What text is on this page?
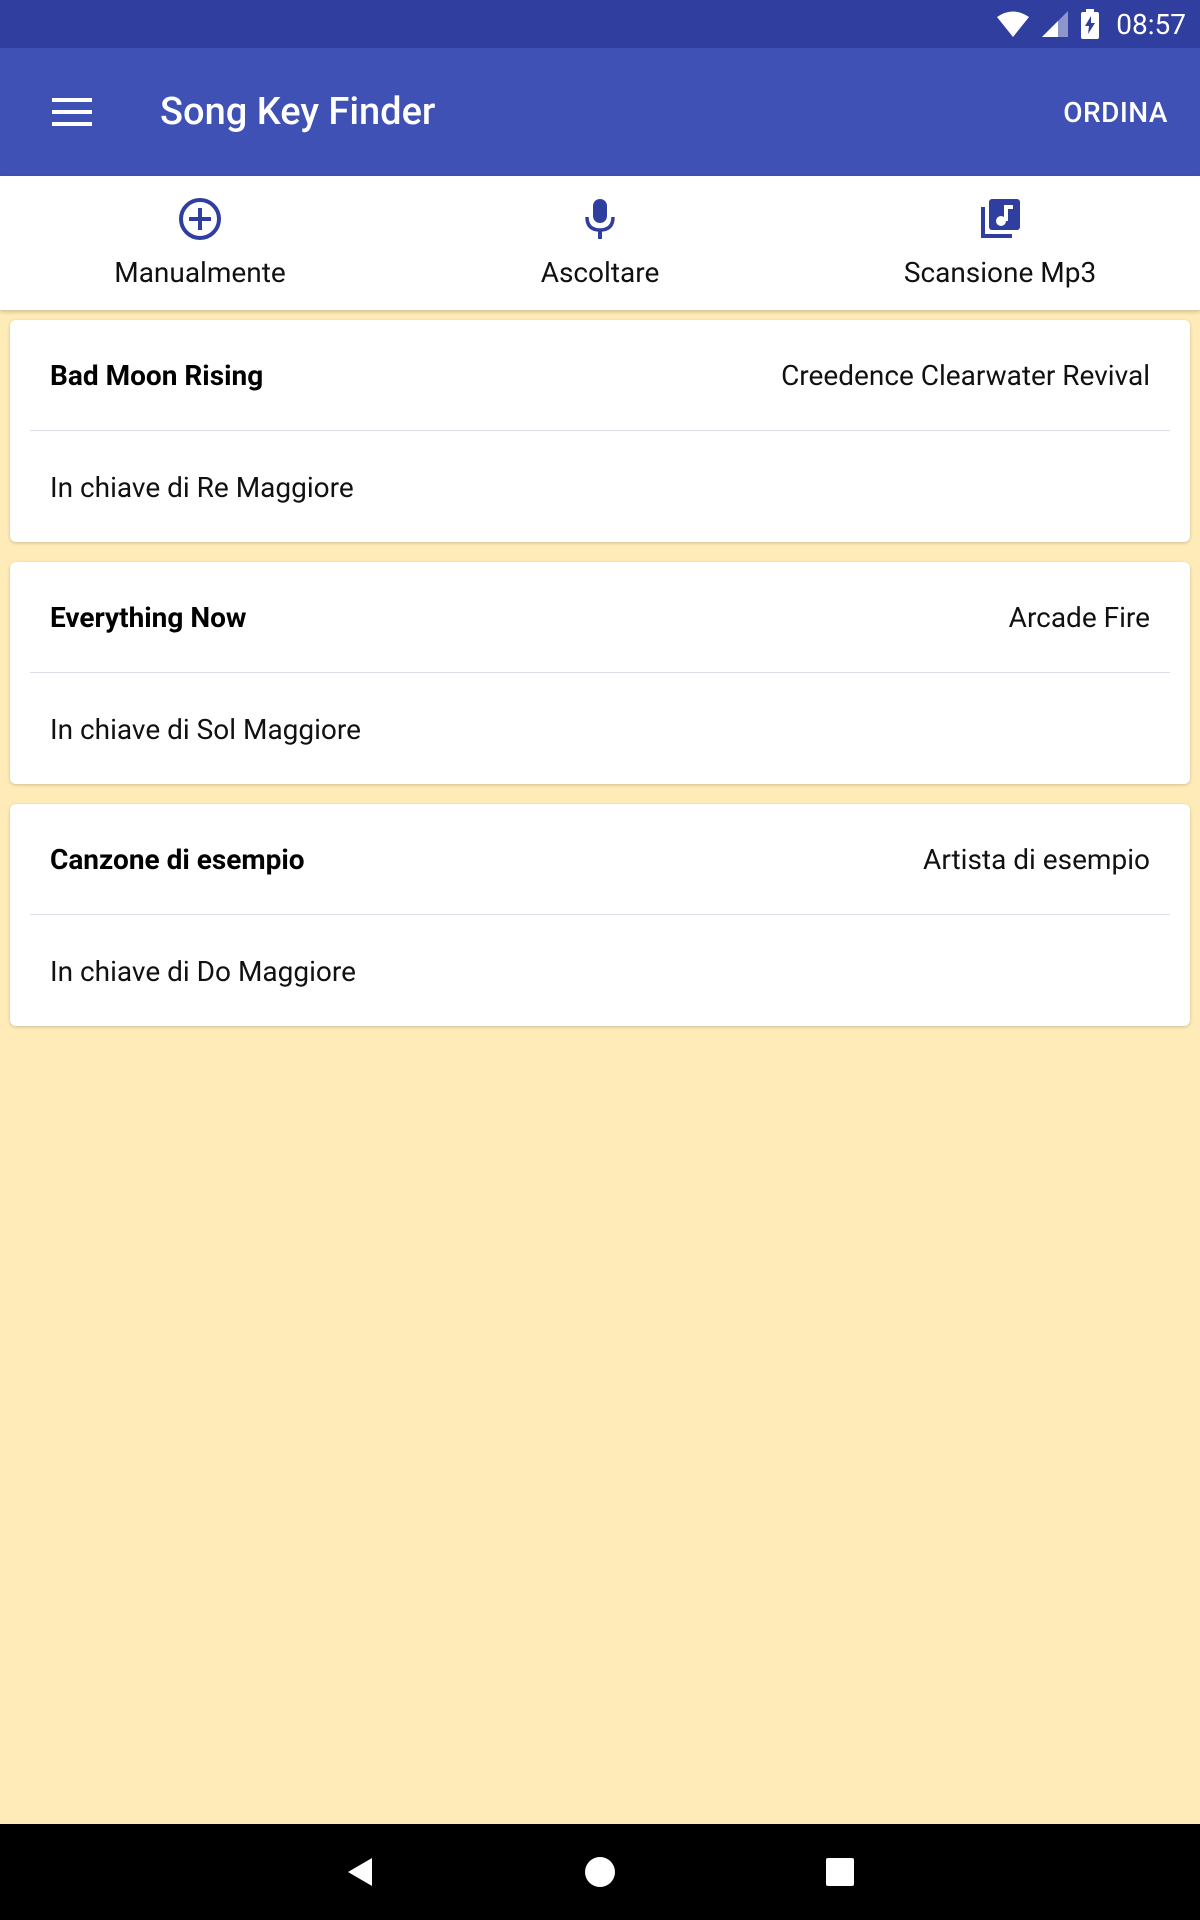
08:57
Song Key Finder	ORDINA
Manualmente	Ascoltare	Scansione Mp3
Bad Moon Rising	Creedence Clearwater Revival
In chiave di Re Maggiore
Everything Now	Arcade Fire
In chiave di Sol Maggiore
Canzone di esempio	Artista di esempio
In chiave di Do Maggiore
